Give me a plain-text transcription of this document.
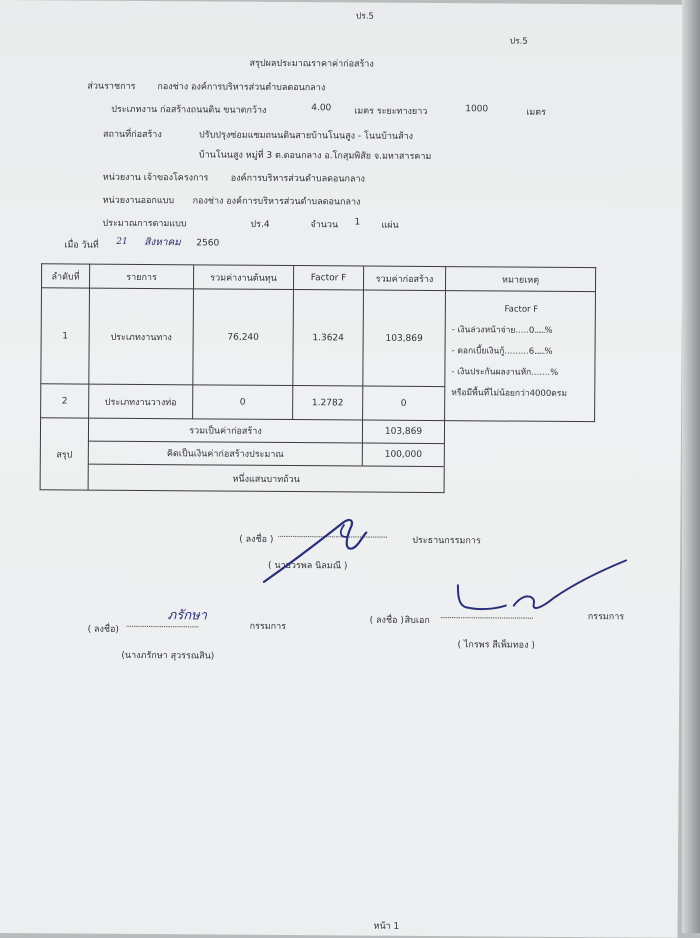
ปร.5
ปร.5
สรุปผลประมาณราคาค่าก่อสร้าง
ส่วนราชการ กองช่าง องค์การบริหารส่วนตำบลดอนกลาง
ประเภทงาน ก่อสร้างถนนดิน ขนาดกว้าง	4.00	เมตร ระยะทางยาว	1000	เมตร
สถานที่ก่อสร้าง	ปรับปรุงซ่อมแซมถนนดินสายบ้านโนนสูง - โนนบ้านส้าง
บ้านโนนสูง หมู่ที่ 3 ต.ดอนกลาง อ.โกสุมพิสัย จ.มหาสารคาม
หน่วยงาน เจ้าของโครงการ องค์การบริหารส่วนตำบลดอนกลาง
หน่วยงานออกแบบ กองช่าง องค์การบริหารส่วนตำบลดอนกลาง
ประมาณการตามแบบ	ปร.4	จำนวน 1 แผ่น
เมื่อ วันที่ 21 สิงหาคม 2560
ลำดับที่	รายการ	รวมค่างานต้นทุน	Factor F	รวมค่าก่อสร้าง	หมายเหตุ
1	ประเภทงานทาง	76,240	1.3624	103,869	Factor F
- เงินล่วงหน้าจ่าย.....0......%
- ดอกเบี้ยเงินกู้.........6......%
- เงินประกันผลงานหัก.......%
หรือมีพื้นที่ไม่น้อยกว่า4000ตรม

2	ประเภทงานวางท่อ	0	1.2782	0	
สรุป	รวมเป็นค่าก่อสร้าง			103,869	
	คิดเป็นเงินค่าก่อสร้างประมาณ			100,000	
	หนึ่งแสนบาทถ้วน				
( ลงชื่อ ) ...........................................................
ประธานกรรมการ
( นายวรพล นิลมณี )

( ลงชื่อ) .......................................	กรรมการ
(นางภรักษา สุวรรณสิน)
ภรักษา	( ลงชื่อ ) สิบเอก ..................................................	กรรมการ
( ไกรพร สีเพ็มทอง )
หน้า 1
